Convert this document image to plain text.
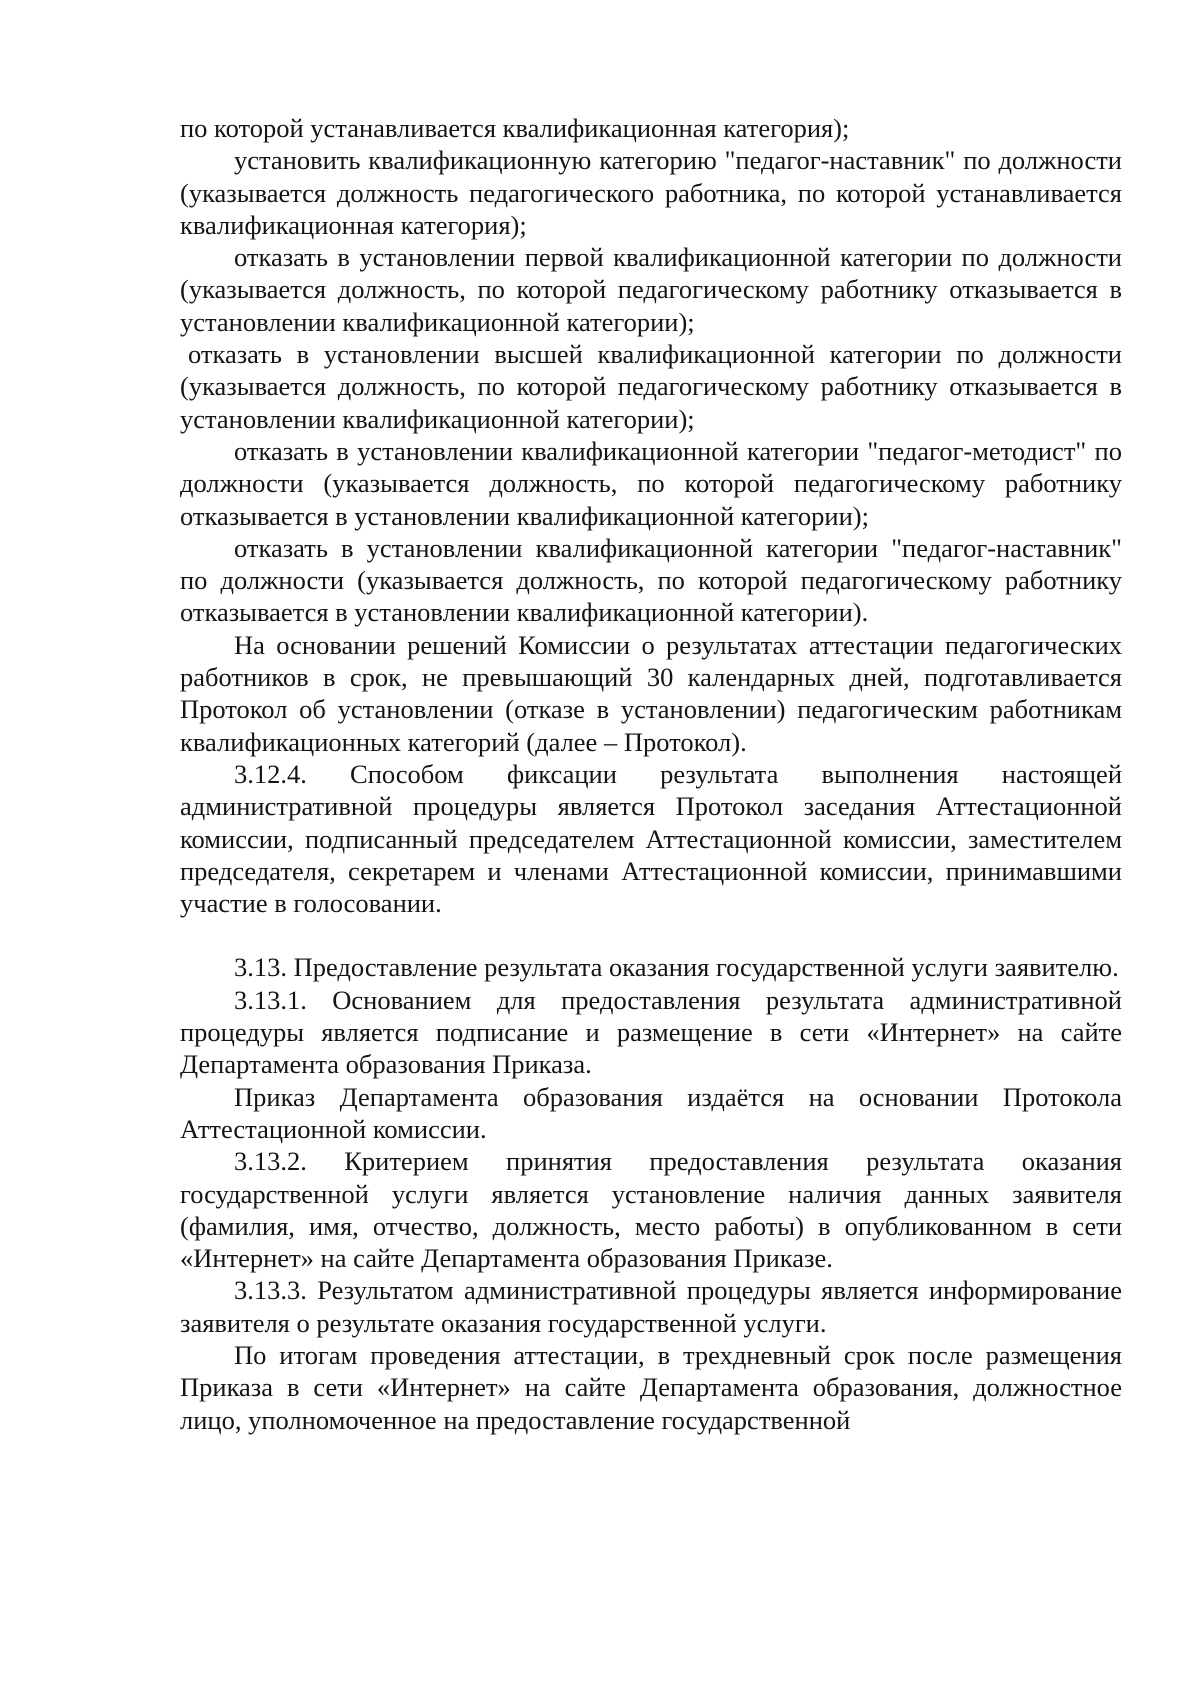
по которой устанавливается квалификационная категория);

установить квалификационную категорию "педагог-наставник" по должности (указывается должность педагогического работника, по которой устанавливается квалификационная категория);

отказать в установлении первой квалификационной категории по должности (указывается должность, по которой педагогическому работнику отказывается в установлении квалификационной категории);

отказать в установлении высшей квалификационной категории по должности (указывается должность, по которой педагогическому работнику отказывается в установлении квалификационной категории);

отказать в установлении квалификационной категории "педагог-методист" по должности (указывается должность, по которой педагогическому работнику отказывается в установлении квалификационной категории);

отказать в установлении квалификационной категории "педагог-наставник" по должности (указывается должность, по которой педагогическому работнику отказывается в установлении квалификационной категории).

На основании решений Комиссии о результатах аттестации педагогических работников в срок, не превышающий 30 календарных дней, подготавливается Протокол об установлении (отказе в установлении) педагогическим работникам квалификационных категорий (далее – Протокол).

3.12.4. Способом фиксации результата выполнения настоящей административной процедуры является Протокол заседания Аттестационной комиссии, подписанный председателем Аттестационной комиссии, заместителем председателя, секретарем и членами Аттестационной комиссии, принимавшими участие в голосовании.

3.13. Предоставление результата оказания государственной услуги заявителю.

3.13.1. Основанием для предоставления результата административной процедуры является подписание и размещение в сети «Интернет» на сайте Департамента образования Приказа.

Приказ Департамента образования издаётся на основании Протокола Аттестационной комиссии.

3.13.2. Критерием принятия предоставления результата оказания государственной услуги является установление наличия данных заявителя (фамилия, имя, отчество, должность, место работы) в опубликованном в сети «Интернет» на сайте Департамента образования Приказе.

3.13.3. Результатом административной процедуры является информирование заявителя о результате оказания государственной услуги.

По итогам проведения аттестации, в трехдневный срок после размещения Приказа в сети «Интернет» на сайте Департамента образования, должностное лицо, уполномоченное на предоставление государственной
